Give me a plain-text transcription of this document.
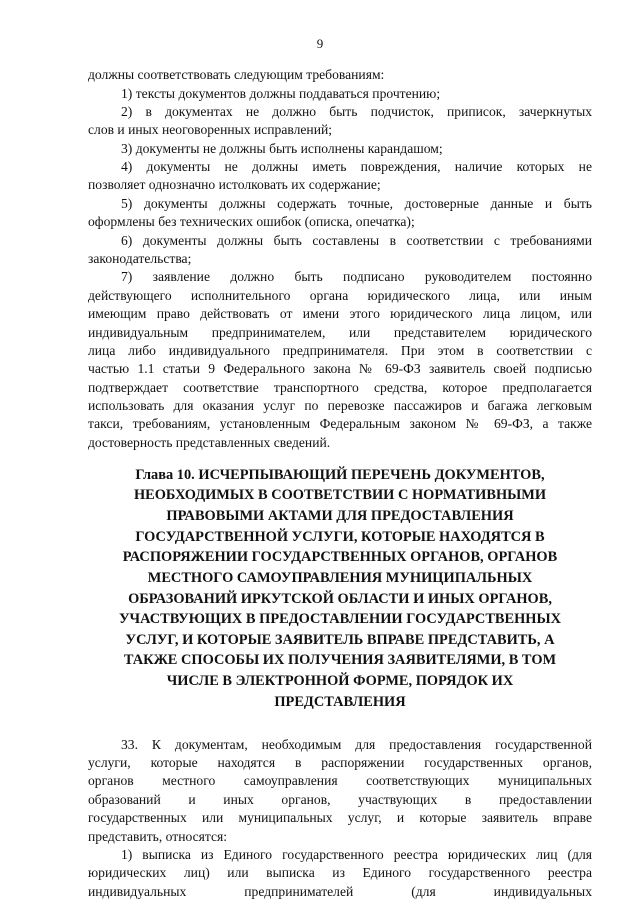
9
должны соответствовать следующим требованиям:
1) тексты документов должны поддаваться прочтению;
2) в документах не должно быть подчисток, приписок, зачеркнутых
слов и иных неоговоренных исправлений;
3) документы не должны быть исполнены карандашом;
4) документы не должны иметь повреждения, наличие которых не
позволяет однозначно истолковать их содержание;
5) документы должны содержать точные, достоверные данные и быть
оформлены без технических ошибок (описка, опечатка);
6) документы должны быть составлены в соответствии с требованиями
законодательства;
7) заявление должно быть подписано руководителем постоянно
действующего исполнительного органа юридического лица, или иным
имеющим право действовать от имени этого юридического лица лицом, или
индивидуальным предпринимателем, или представителем юридического
лица либо индивидуального предпринимателя. При этом в соответствии с
частью 1.1 статьи 9 Федерального закона № 69-ФЗ заявитель своей подписью
подтверждает соответствие транспортного средства, которое предполагается
использовать для оказания услуг по перевозке пассажиров и багажа легковым
такси, требованиям, установленным Федеральным законом № 69-ФЗ, а также
достоверность представленных сведений.
Глава 10. ИСЧЕРПЫВАЮЩИЙ ПЕРЕЧЕНЬ ДОКУМЕНТОВ,
НЕОБХОДИМЫХ В СООТВЕТСТВИИ С НОРМАТИВНЫМИ
ПРАВОВЫМИ АКТАМИ ДЛЯ ПРЕДОСТАВЛЕНИЯ
ГОСУДАРСТВЕННОЙ УСЛУГИ, КОТОРЫЕ НАХОДЯТСЯ В
РАСПОРЯЖЕНИИ ГОСУДАРСТВЕННЫХ ОРГАНОВ, ОРГАНОВ
МЕСТНОГО САМОУПРАВЛЕНИЯ МУНИЦИПАЛЬНЫХ
ОБРАЗОВАНИЙ ИРКУТСКОЙ ОБЛАСТИ И ИНЫХ ОРГАНОВ,
УЧАСТВУЮЩИХ В ПРЕДОСТАВЛЕНИИ ГОСУДАРСТВЕННЫХ
УСЛУГ, И КОТОРЫЕ ЗАЯВИТЕЛЬ ВПРАВЕ ПРЕДСТАВИТЬ, А
ТАКЖЕ СПОСОБЫ ИХ ПОЛУЧЕНИЯ ЗАЯВИТЕЛЯМИ, В ТОМ
ЧИСЛЕ В ЭЛЕКТРОННОЙ ФОРМЕ, ПОРЯДОК ИХ
ПРЕДСТАВЛЕНИЯ
33. К документам, необходимым для предоставления государственной
услуги, которые находятся в распоряжении государственных органов,
органов местного самоуправления соответствующих муниципальных
образований и иных органов, участвующих в предоставлении
государственных или муниципальных услуг, и которые заявитель вправе
представить, относятся:
1) выписка из Единого государственного реестра юридических лиц (для
юридических лиц) или выписка из Единого государственного реестра
индивидуальных предпринимателей (для индивидуальных
